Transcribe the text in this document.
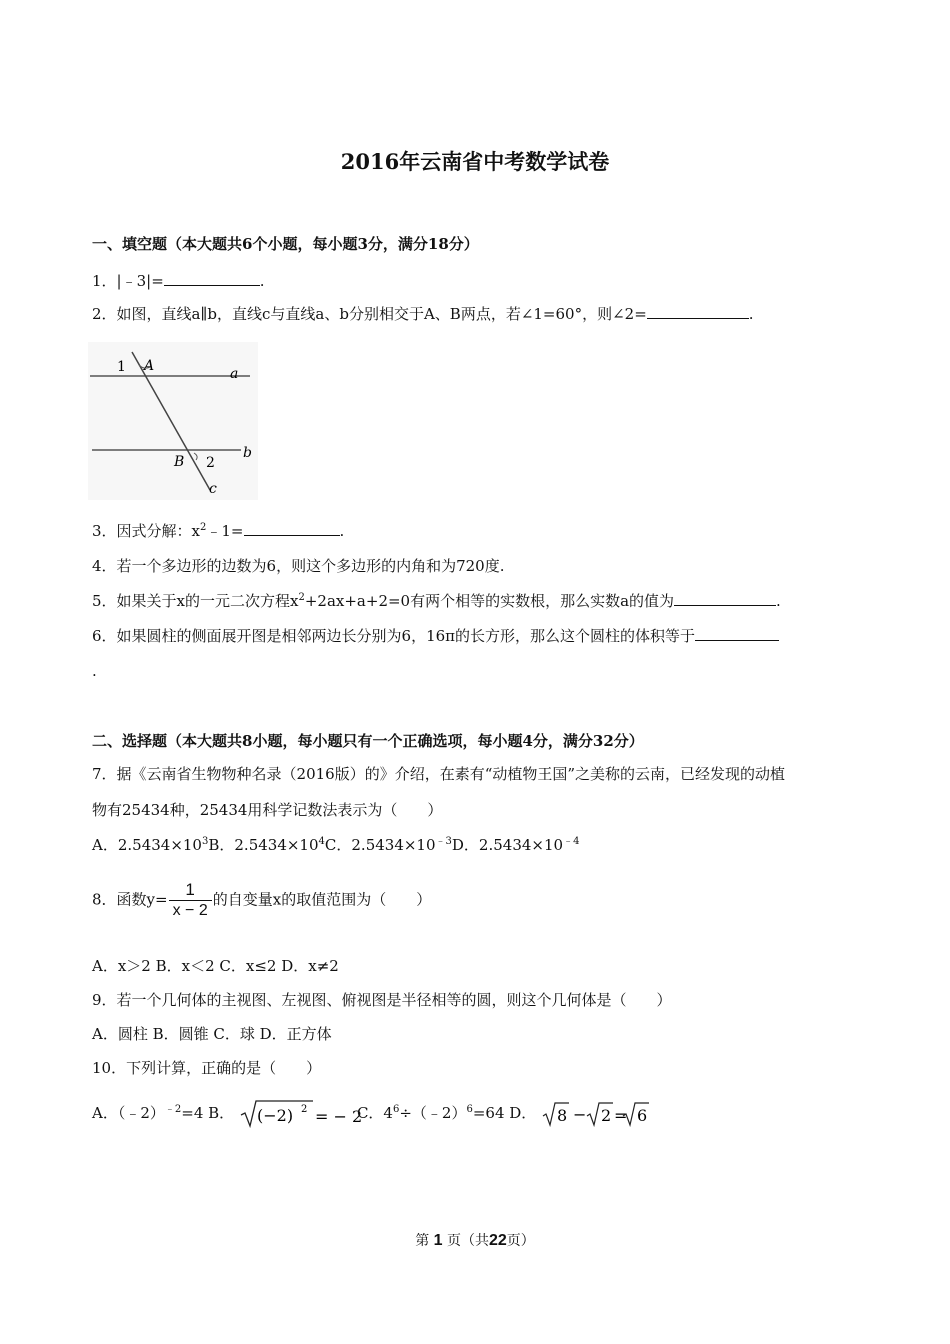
2016年云南省中考数学试卷
一、填空题（本大题共6个小题，每小题3分，满分18分）
1．|﹣3|=	.
2．如图，直线a∥b，直线c与直线a、b分别相交于A、B两点，若∠1=60°，则∠2=	.
1 A	a
B 2
b
c
3．因式分解：$x^2﹣1=$	.
4．若一个多边形的边数为6，则这个多边形的内角和为720度.
5．如果关于x的一元二次方程$x^2+2ax+a+2=0$有两个相等的实数根，那么实数a的值为	.
6．如果圆柱的侧面展开图是相邻两边长分别为6，16π的长方形，那么这个圆柱的体积等于
.
二、选择题（本大题共8小题，每小题只有一个正确选项，每小题4分，满分32分）
7．据《云南省生物物种名录（2016版）的》介绍，在素有“动植物王国”之美称的云南，已经发现的动植
物有25434种，25434用科学记数法表示为（　　）
A．$2.5434\times 10^3B$．$2.5434\times 10^4C$．$2.5434\times 10^{﹣3}D$．$2.5434\times 10^{﹣4}$
8．函数$y= \frac{1}{x - 2}$ 的自变量x的取值范围为（　　）
A．x＞2 B．x＜2 C．x≤2 D．x≠2
9．若一个几何体的主视图、左视图、俯视图是半径相等的圆，则这个几何体是（　　）
A．圆柱 B．圆锥 C．球 D．正方体
10．下列计算，正确的是（　　）
A．（﹣2）$^{﹣2}$=4 B． (−2) 2 = − 2
C．$4^6\div(﹣2)^6=64$ D． 8 − 2 = 6
第 1 页（共22页）
